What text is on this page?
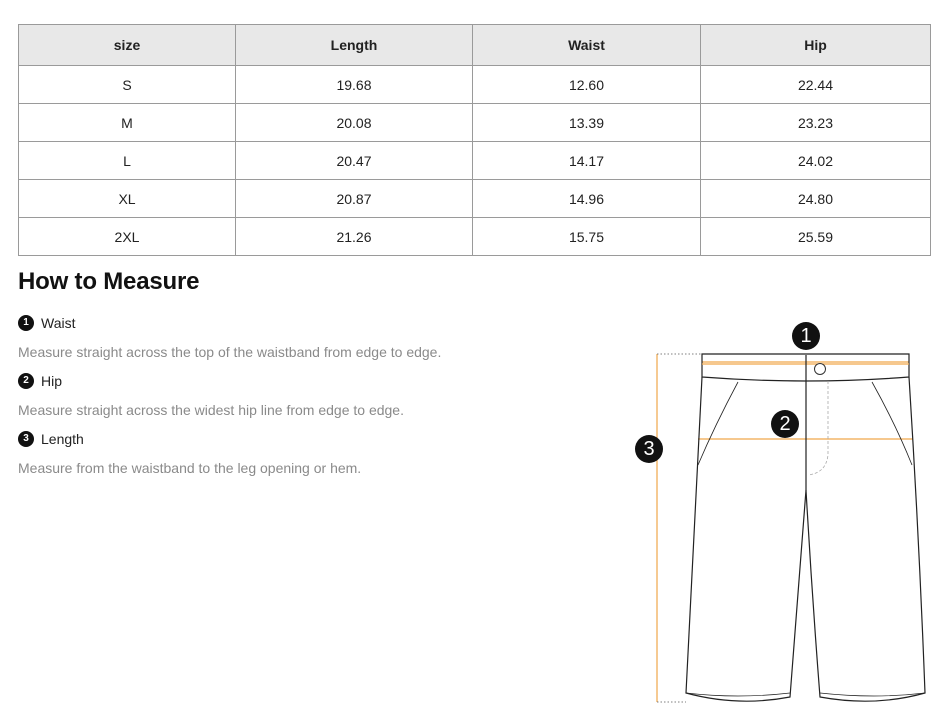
size	Length	Waist	Hip
S	19.68	12.60	22.44
M	20.08	13.39	23.23
L	20.47	14.17	24.02
XL	20.87	14.96	24.80
2XL	21.26	15.75	25.59
How to Measure
1 Waist

Measure straight across the top of the waistband from edge to edge.

2 Hip

Measure straight across the widest hip line from edge to edge.

3 Length

Measure from the waistband to the leg opening or hem.

1
2
3
